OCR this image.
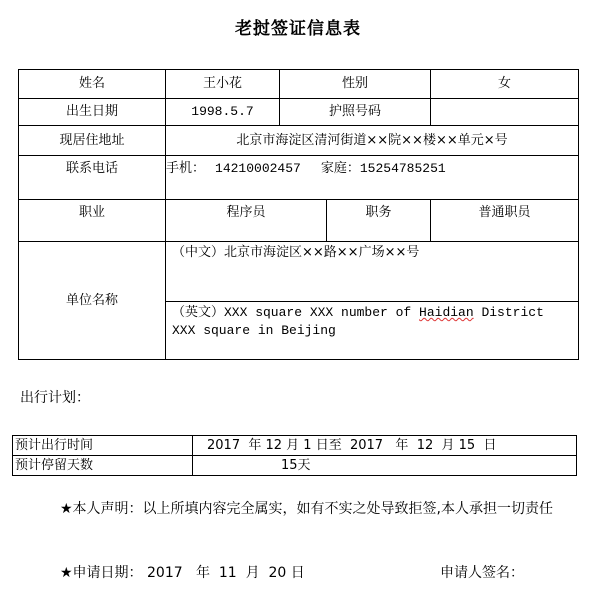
老挝签证信息表
姓名	王小花	性别		女
出生日期	1998.5.7	护照号码		
现居住地址	北京市海淀区清河街道××院××楼××单元×号			
联系电话	手机： 14210002457 家庭：15254785251			
职业	程序员		职务	普通职员
单位名称	（中文）北京市海淀区××路××广场××号			
	（英文）XXX square XXX number of Haidian District XXX square in Beijing			
出行计划：
预计出行时间	2017  年 12 月 1 日至  2017   年  12  月 15  日
预计停留天数	15天
★本人声明：以上所填内容完全属实，如有不实之处导致拒签,本人承担一切责任
★申请日期： 2017   年  11  月  20 日	申请人签名：
